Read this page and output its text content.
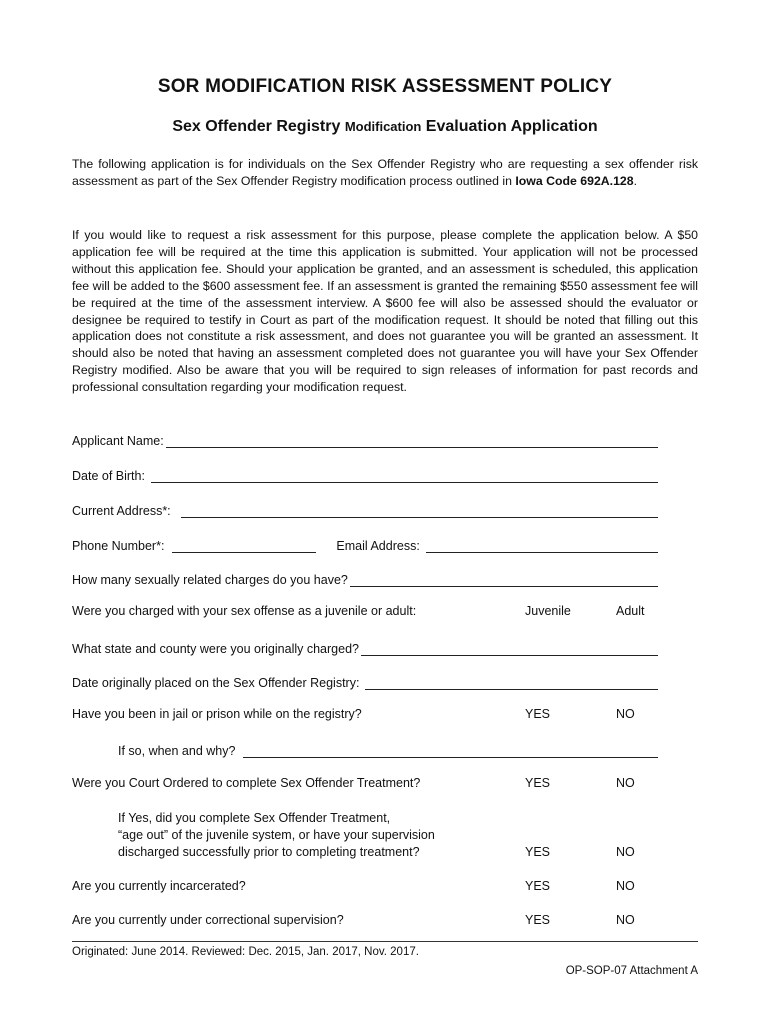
SOR MODIFICATION RISK ASSESSMENT POLICY
Sex Offender Registry Modification Evaluation Application
The following application is for individuals on the Sex Offender Registry who are requesting a sex offender risk assessment as part of the Sex Offender Registry modification process outlined in Iowa Code 692A.128.
If you would like to request a risk assessment for this purpose, please complete the application below. A $50 application fee will be required at the time this application is submitted. Your application will not be processed without this application fee. Should your application be granted, and an assessment is scheduled, this application fee will be added to the $600 assessment fee. If an assessment is granted the remaining $550 assessment fee will be required at the time of the assessment interview. A $600 fee will also be assessed should the evaluator or designee be required to testify in Court as part of the modification request. It should be noted that filling out this application does not constitute a risk assessment, and does not guarantee you will be granted an assessment. It should also be noted that having an assessment completed does not guarantee you will have your Sex Offender Registry modified. Also be aware that you will be required to sign releases of information for past records and professional consultation regarding your modification request.
Applicant Name:
Date of Birth:
Current Address*:
Phone Number*:	Email Address:
How many sexually related charges do you have?
Were you charged with your sex offense as a juvenile or adult:	Juvenile	Adult
What state and county were you originally charged?
Date originally placed on the Sex Offender Registry:
Have you been in jail or prison while on the registry?	YES	NO
If so, when and why?
Were you Court Ordered to complete Sex Offender Treatment?	YES	NO
If Yes, did you complete Sex Offender Treatment,
“age out” of the juvenile system, or have your supervision
discharged successfully prior to completing treatment?	YES	NO
Are you currently incarcerated?	YES	NO
Are you currently under correctional supervision?	YES	NO
Originated: June 2014. Reviewed: Dec. 2015, Jan. 2017, Nov. 2017.
OP-SOP-07 Attachment A
